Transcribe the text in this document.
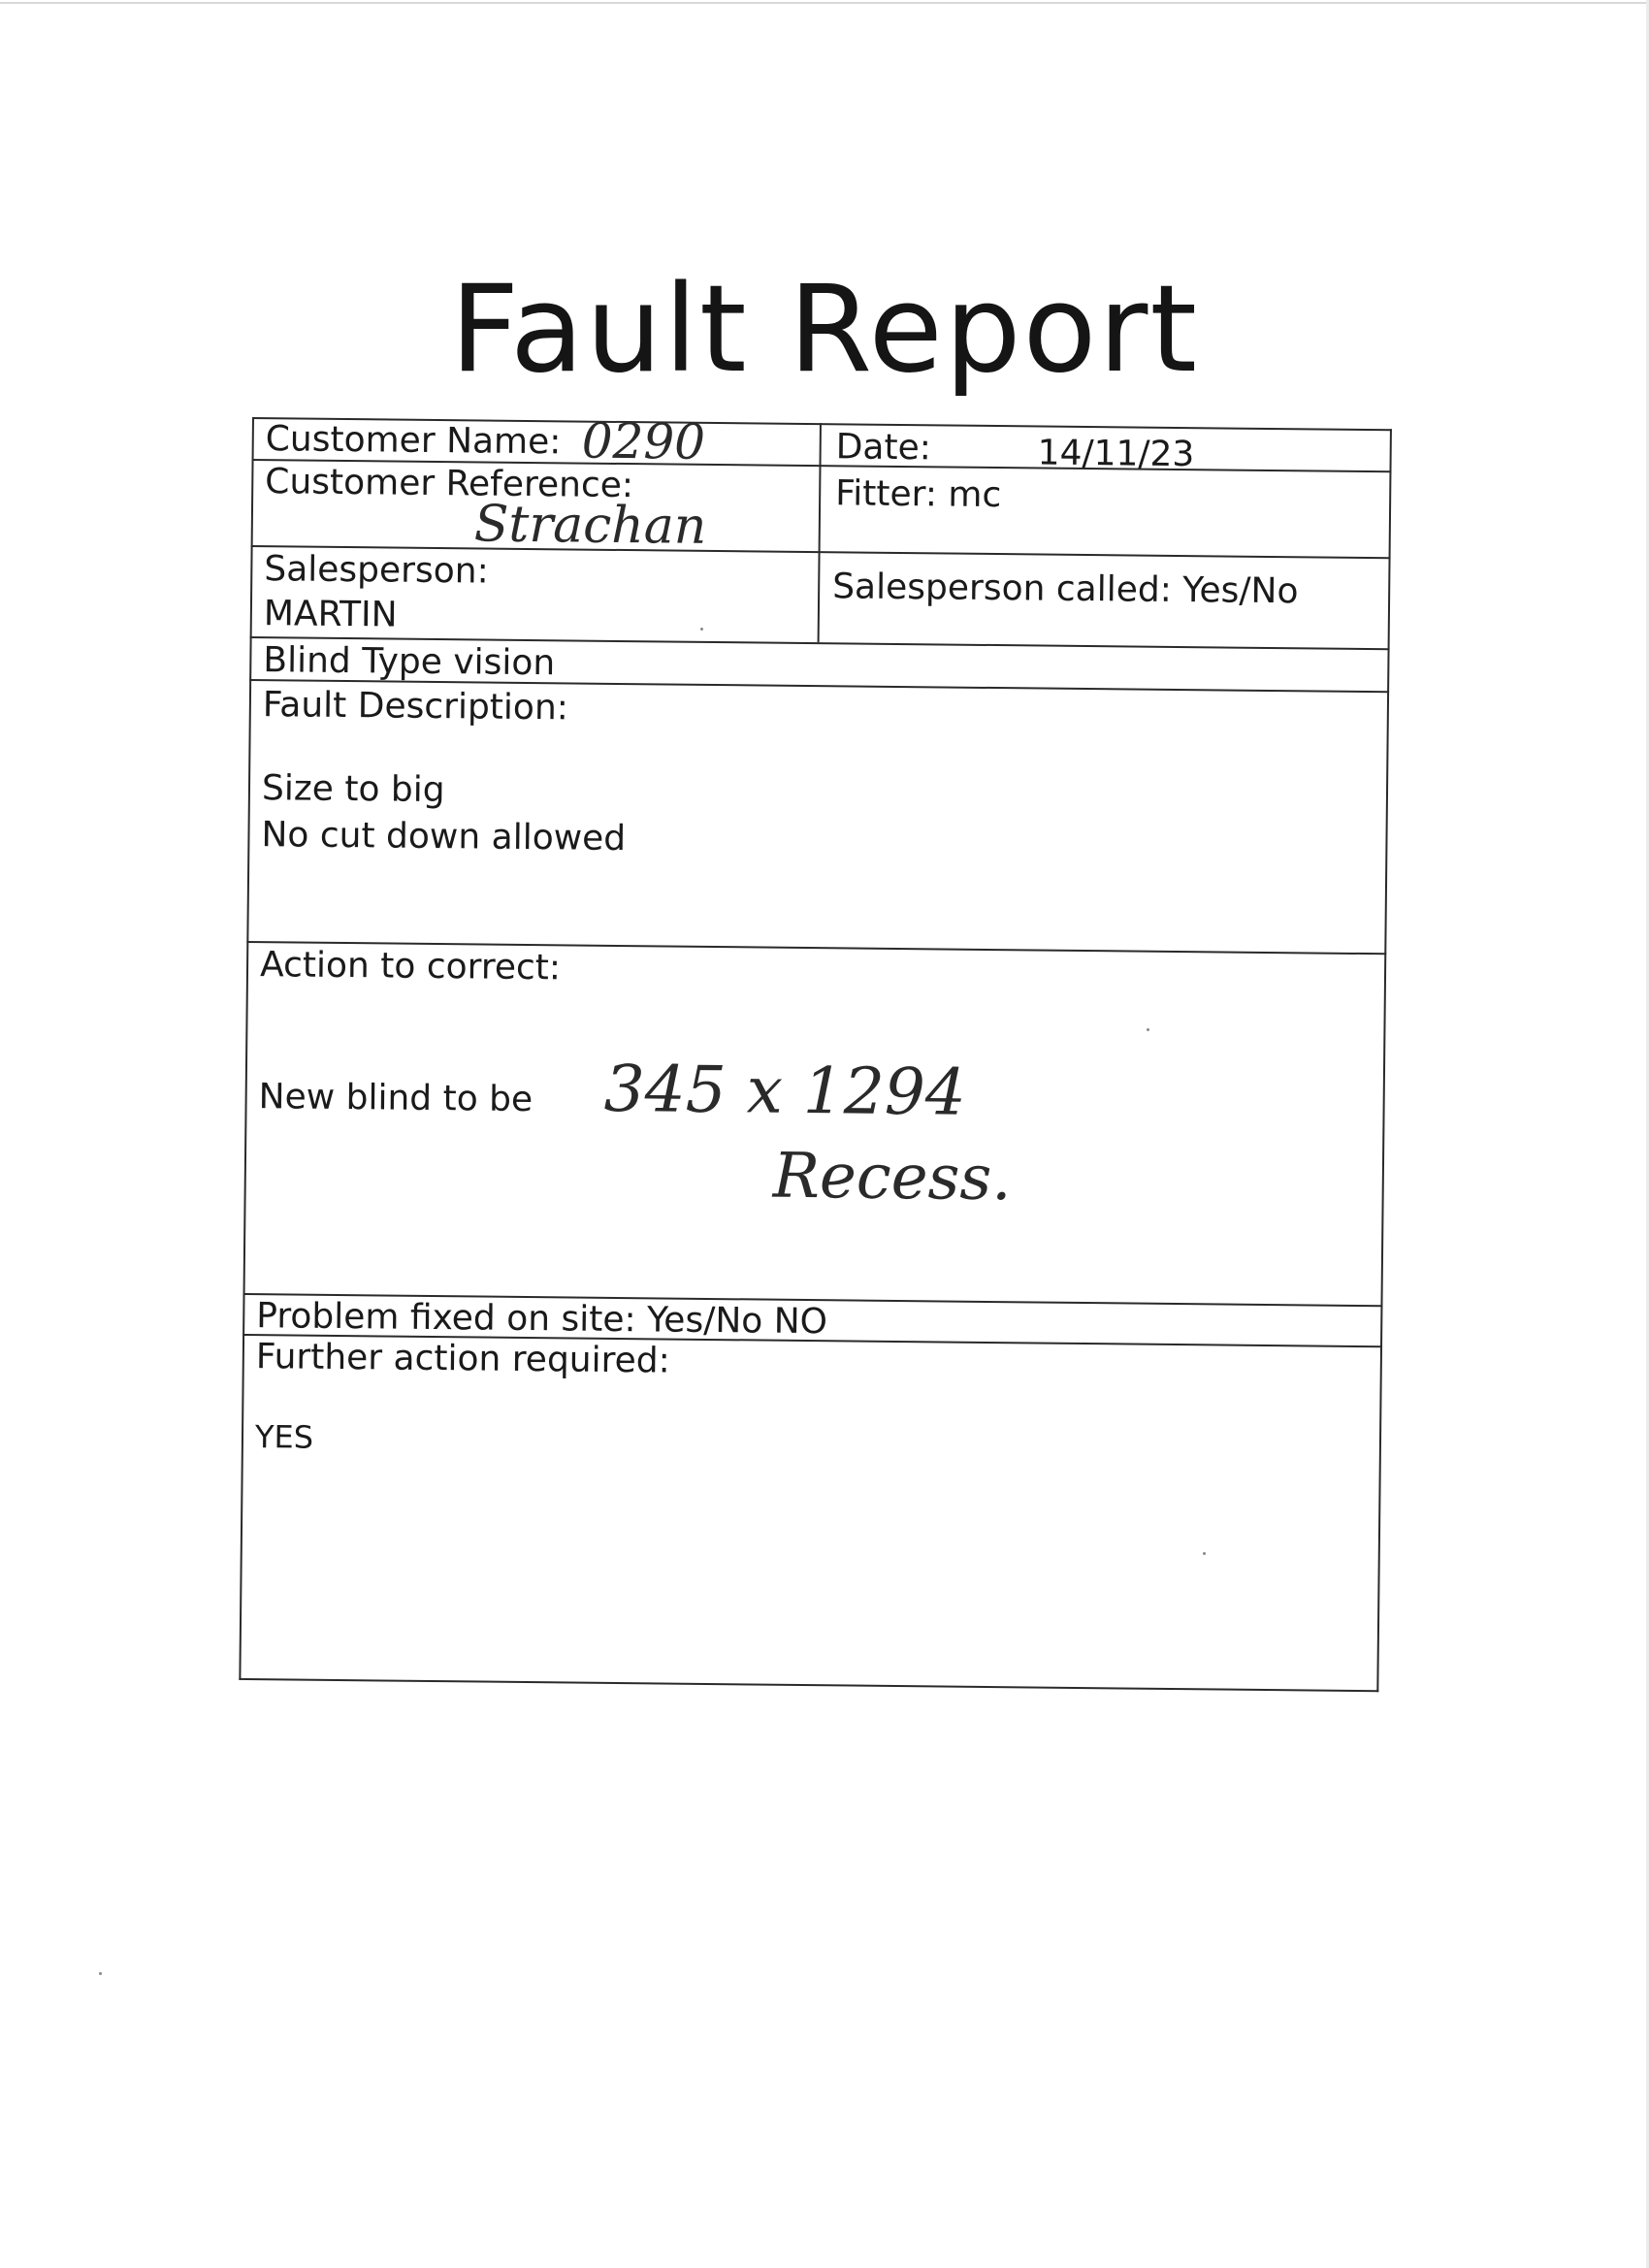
Fault Report
Customer Name: 0290	Date:	14/11/23
Customer Reference:
Strachan
Fitter: mc
Salesperson:
MARTIN
Salesperson called: Yes/No
Blind Type vision
Fault Description:
Size to big
No cut down allowed
Action to correct:
New blind to be 345 x 1294
Recess.
Problem fixed on site: Yes/No NO
Further action required:
YES
